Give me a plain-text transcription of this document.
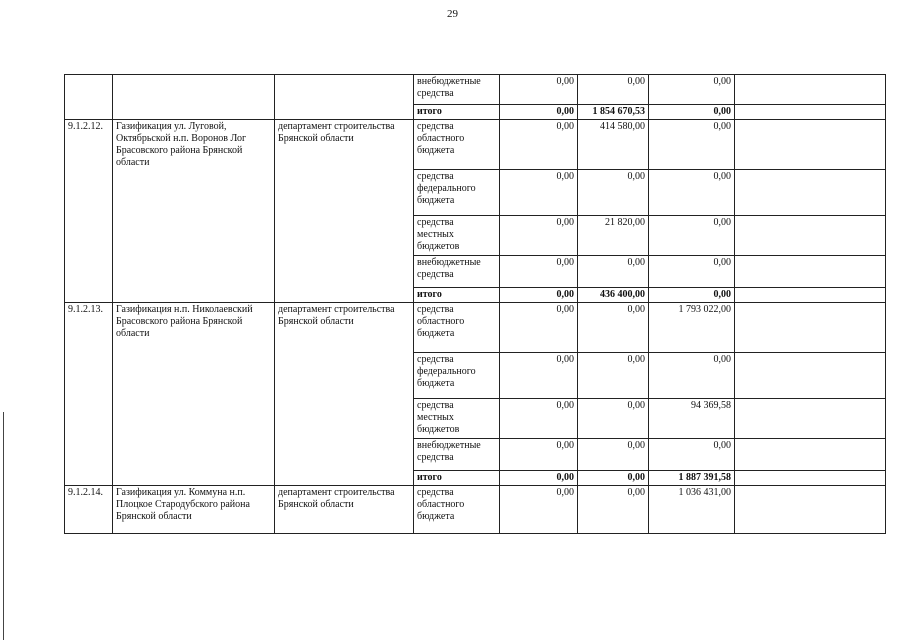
29
			внебюджетные
средства	0,00	0,00	0,00	
			итого	0,00	1 854 670,53	0,00	
9.1.2.12.	Газификация ул. Луговой, Октябрьской н.п. Воронов Лог Брасовского района Брянской области	департамент строительства Брянской области	средства
областного
бюджета	0,00	414 580,00	0,00	
			средства
федерального
бюджета	0,00	0,00	0,00	
			средства
местных
бюджетов	0,00	21 820,00	0,00	
			внебюджетные
средства	0,00	0,00	0,00	
			итого	0,00	436 400,00	0,00	
9.1.2.13.	Газификация н.п. Николаевский Брасовского района Брянской области	департамент строительства Брянской области	средства
областного
бюджета	0,00	0,00	1 793 022,00	
			средства
федерального
бюджета	0,00	0,00	0,00	
			средства
местных
бюджетов	0,00	0,00	94 369,58	
			внебюджетные
средства	0,00	0,00	0,00	
			итого	0,00	0,00	1 887 391,58	
9.1.2.14.	Газификация ул. Коммуна н.п. Плоцкое Стародубского района Брянской области	департамент строительства Брянской области	средства
областного
бюджета	0,00	0,00	1 036 431,00	
